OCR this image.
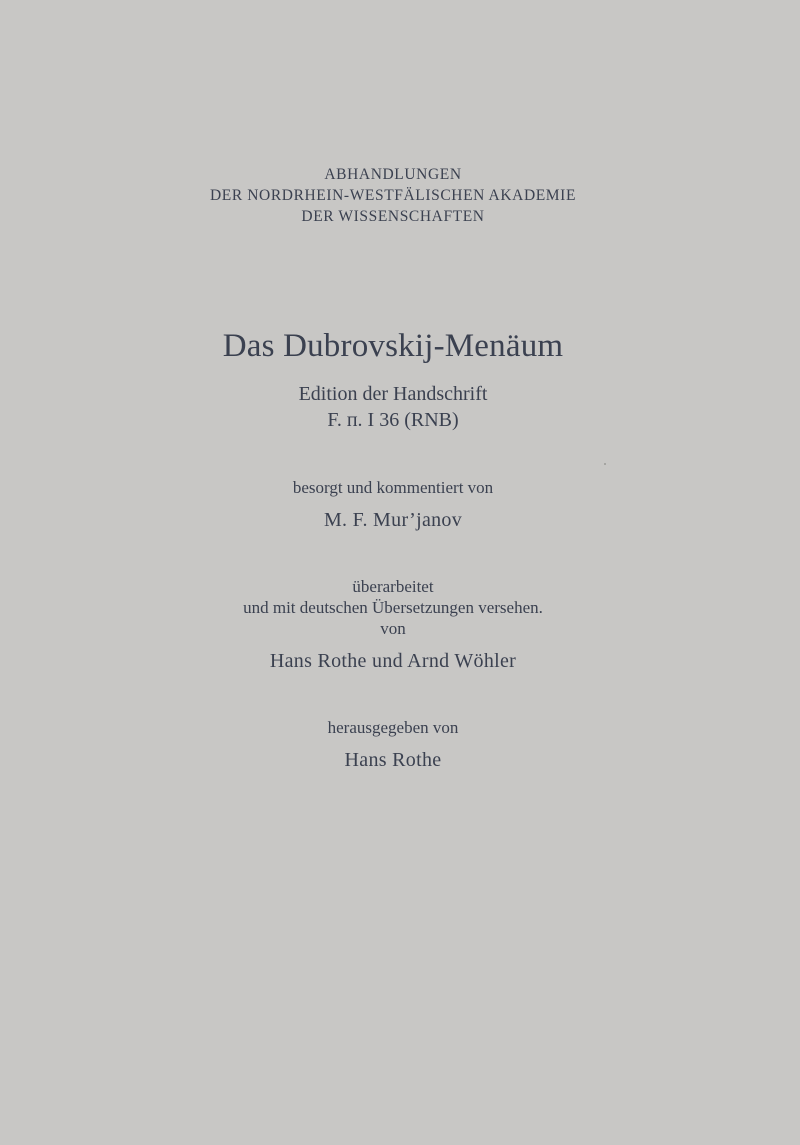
ABHANDLUNGEN
DER NORDRHEIN-WESTFÄLISCHEN AKADEMIE
DER WISSENSCHAFTEN
Das Dubrovskij-Menäum
Edition der Handschrift
F. п. I 36 (RNB)
besorgt und kommentiert von
M. F. Mur’janov
überarbeitet
und mit deutschen Übersetzungen versehen.
von
Hans Rothe und Arnd Wöhler
herausgegeben von
Hans Rothe
